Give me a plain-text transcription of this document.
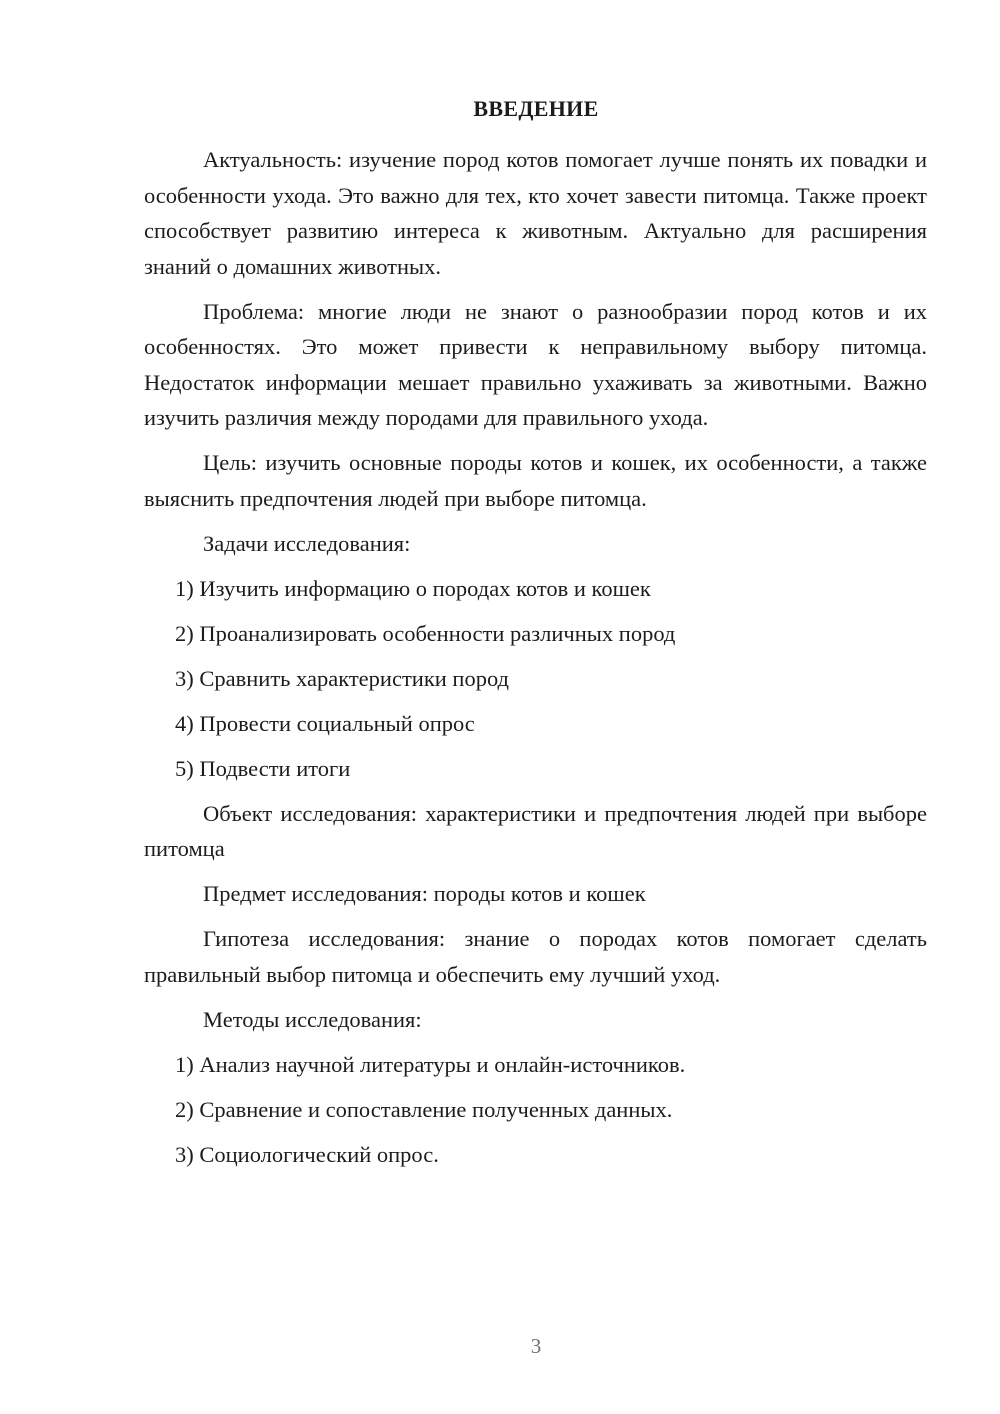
ВВЕДЕНИЕ

Актуальность: изучение пород котов помогает лучше понять их повадки и особенности ухода. Это важно для тех, кто хочет завести питомца. Также проект способствует развитию интереса к животным. Актуально для расширения знаний о домашних животных.

Проблема: многие люди не знают о разнообразии пород котов и их особенностях. Это может привести к неправильному выбору питомца. Недостаток информации мешает правильно ухаживать за животными. Важно изучить различия между породами для правильного ухода.

Цель: изучить основные породы котов и кошек, их особенности, а также выяснить предпочтения людей при выборе питомца.

Задачи исследования:

1) Изучить информацию о породах котов и кошек

2) Проанализировать особенности различных пород

3) Сравнить характеристики пород

4) Провести социальный опрос

5) Подвести итоги

Объект исследования: характеристики и предпочтения людей при выборе питомца

Предмет исследования: породы котов и кошек

Гипотеза исследования: знание о породах котов помогает сделать правильный выбор питомца и обеспечить ему лучший уход.

Методы исследования:

1) Анализ научной литературы и онлайн-источников.

2) Сравнение и сопоставление полученных данных.

3) Социологический опрос.

3
